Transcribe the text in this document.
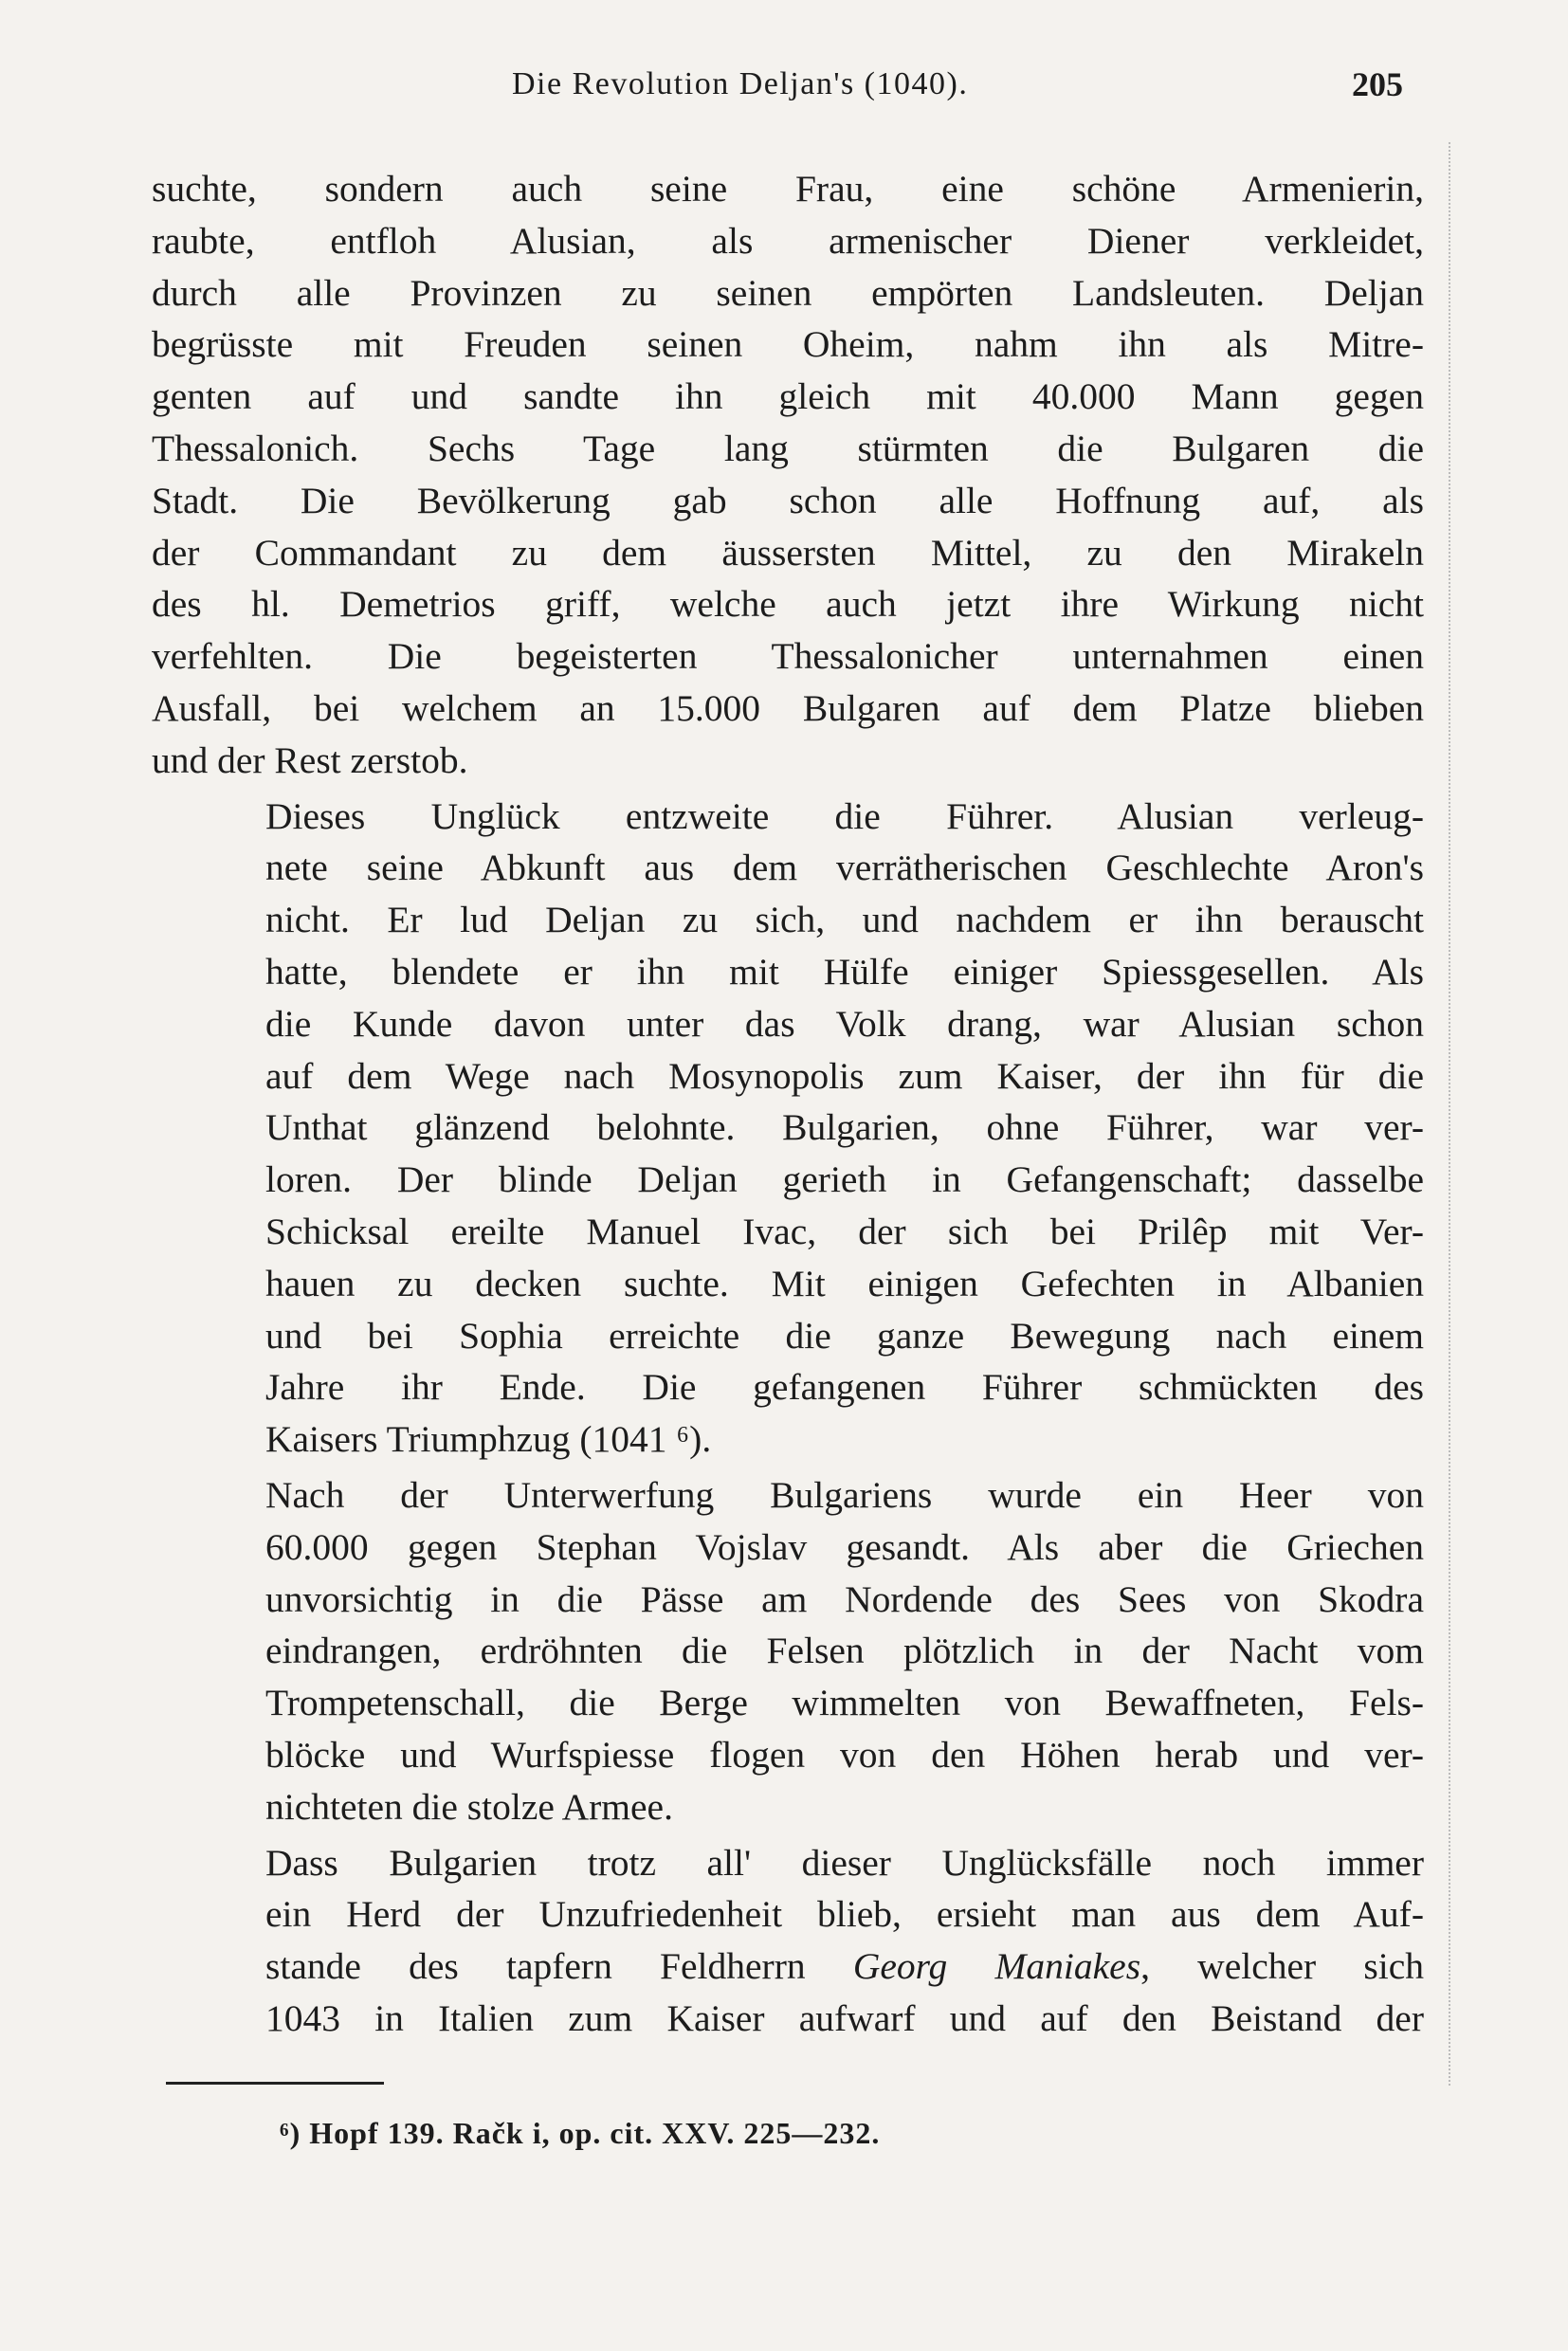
Die Revolution Deljan's (1040).	205

suchte, sondern auch seine Frau, eine schöne Armenierin,
raubte, entfloh Alusian, als armenischer Diener verkleidet,
durch alle Provinzen zu seinen empörten Landsleuten. Deljan
begrüsste mit Freuden seinen Oheim, nahm ihn als Mitre-
genten auf und sandte ihn gleich mit 40.000 Mann gegen
Thessalonich. Sechs Tage lang stürmten die Bulgaren die
Stadt. Die Bevölkerung gab schon alle Hoffnung auf, als
der Commandant zu dem äussersten Mittel, zu den Mirakeln
des hl. Demetrios griff, welche auch jetzt ihre Wirkung nicht
verfehlten. Die begeisterten Thessalonicher unternahmen einen
Ausfall, bei welchem an 15.000 Bulgaren auf dem Platze blieben
und der Rest zerstob.

Dieses Unglück entzweite die Führer. Alusian verleug-
nete seine Abkunft aus dem verrätherischen Geschlechte Aron's
nicht. Er lud Deljan zu sich, und nachdem er ihn berauscht
hatte, blendete er ihn mit Hülfe einiger Spiessgesellen. Als
die Kunde davon unter das Volk drang, war Alusian schon
auf dem Wege nach Mosynopolis zum Kaiser, der ihn für die
Unthat glänzend belohnte. Bulgarien, ohne Führer, war ver-
loren. Der blinde Deljan gerieth in Gefangenschaft; dasselbe
Schicksal ereilte Manuel Ivac, der sich bei Prilêp mit Ver-
hauen zu decken suchte. Mit einigen Gefechten in Albanien
und bei Sophia erreichte die ganze Bewegung nach einem
Jahre ihr Ende. Die gefangenen Führer schmückten des
Kaisers Triumphzug (1041 ⁶).

Nach der Unterwerfung Bulgariens wurde ein Heer von
60.000 gegen Stephan Vojslav gesandt. Als aber die Griechen
unvorsichtig in die Pässe am Nordende des Sees von Skodra
eindrangen, erdröhnten die Felsen plötzlich in der Nacht vom
Trompetenschall, die Berge wimmelten von Bewaffneten, Fels-
blöcke und Wurfspiesse flogen von den Höhen herab und ver-
nichteten die stolze Armee.

Dass Bulgarien trotz all' dieser Unglücksfälle noch immer
ein Herd der Unzufriedenheit blieb, ersieht man aus dem Auf-
stande des tapfern Feldherrn Georg Maniakes, welcher sich
1043 in Italien zum Kaiser aufwarf und auf den Beistand der

⁶) Hopf 139. Račk i, op. cit. XXV. 225—232.
